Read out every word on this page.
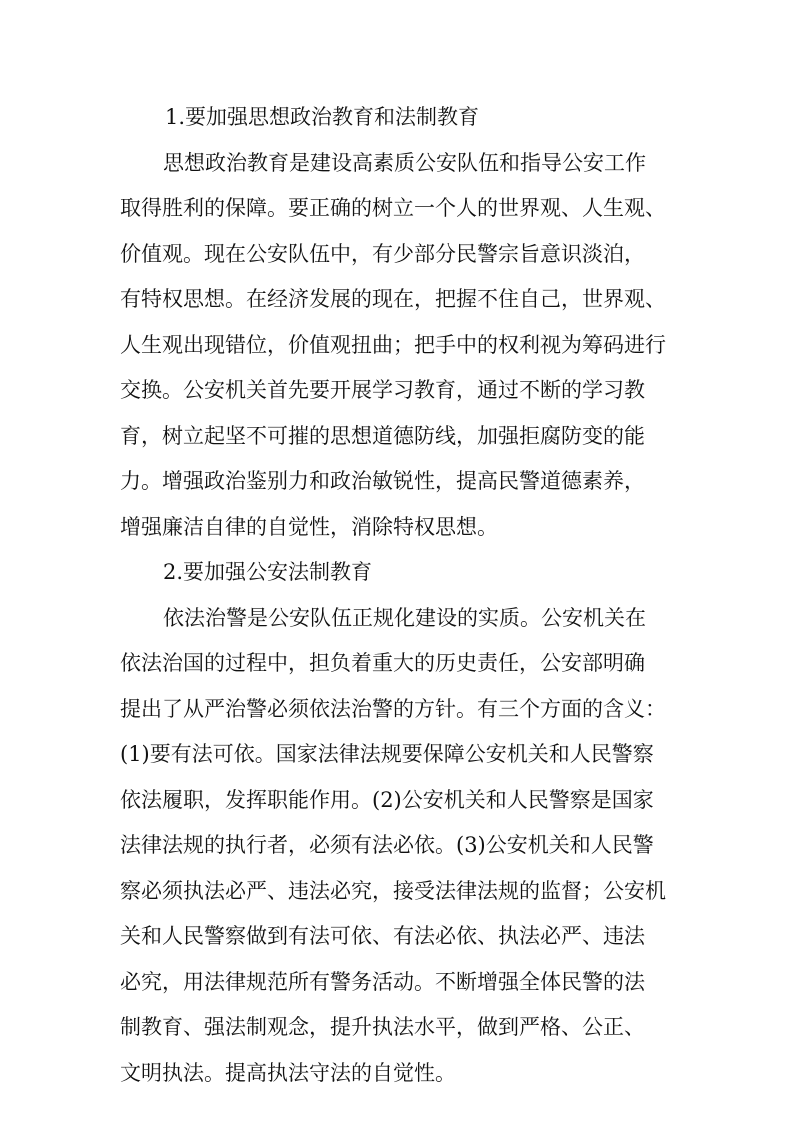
1.要加强思想政治教育和法制教育
思想政治教育是建设高素质公安队伍和指导公安工作
取得胜利的保障。要正确的树立一个人的世界观、人生观、
价值观。现在公安队伍中，有少部分民警宗旨意识淡泊，
有特权思想。在经济发展的现在，把握不住自己，世界观、
人生观出现错位，价值观扭曲；把手中的权利视为筹码进行
交换。公安机关首先要开展学习教育，通过不断的学习教
育，树立起坚不可摧的思想道德防线，加强拒腐防变的能
力。增强政治鉴别力和政治敏锐性，提高民警道德素养，
增强廉洁自律的自觉性，消除特权思想。
2.要加强公安法制教育
依法治警是公安队伍正规化建设的实质。公安机关在
依法治国的过程中，担负着重大的历史责任，公安部明确
提出了从严治警必须依法治警的方针。有三个方面的含义：
(1)要有法可依。国家法律法规要保障公安机关和人民警察
依法履职，发挥职能作用。(2)公安机关和人民警察是国家
法律法规的执行者，必须有法必依。(3)公安机关和人民警
察必须执法必严、违法必究，接受法律法规的监督；公安机
关和人民警察做到有法可依、有法必依、执法必严、违法
必究，用法律规范所有警务活动。不断增强全体民警的法
制教育、强法制观念，提升执法水平，做到严格、公正、
文明执法。提高执法守法的自觉性。
